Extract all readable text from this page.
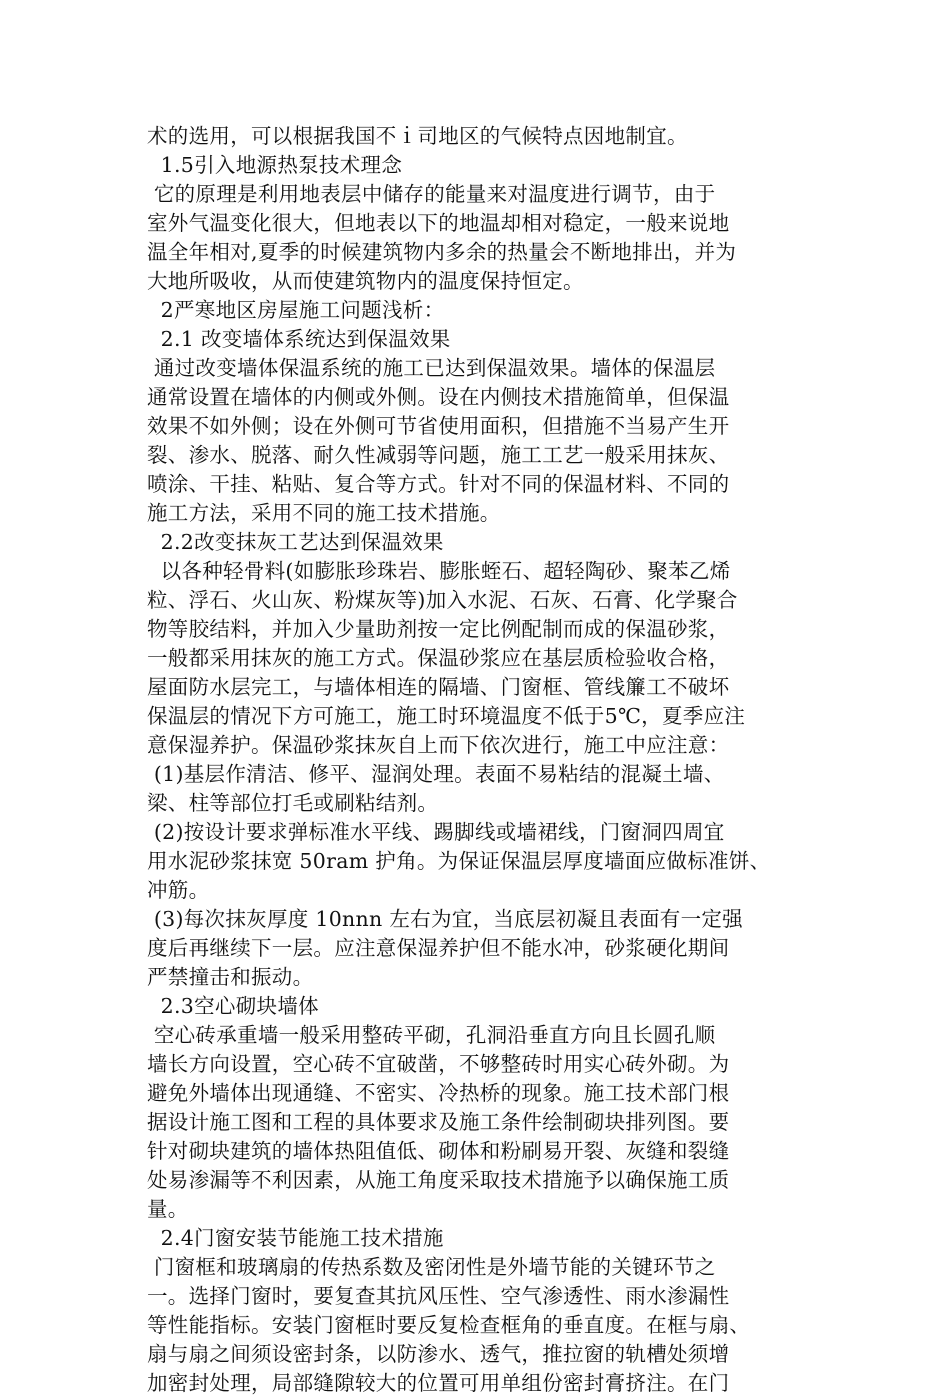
术的选用，可以根据我国不ｉ司地区的气候特点因地制宜。
1.5引入地源热泵技术理念
它的原理是利用地表层中储存的能量来对温度进行调节，由于
室外气温变化很大，但地表以下的地温却相对稳定，一般来说地
温全年相对,夏季的时候建筑物内多余的热量会不断地排出，并为
大地所吸收，从而使建筑物内的温度保持恒定。
2严寒地区房屋施工问题浅析：
2.1 改变墙体系统达到保温效果
通过改变墙体保温系统的施工已达到保温效果。墙体的保温层
通常设置在墙体的内侧或外侧。设在内侧技术措施简单，但保温
效果不如外侧；设在外侧可节省使用面积，但措施不当易产生开
裂、渗水、脱落、耐久性减弱等问题，施工工艺一般采用抹灰、
喷涂、干挂、粘贴、复合等方式。针对不同的保温材料、不同的
施工方法，采用不同的施工技术措施。
2.2改变抹灰工艺达到保温效果
以各种轻骨料(如膨胀珍珠岩、膨胀蛭石、超轻陶砂、聚苯乙烯
粒、浮石、火山灰、粉煤灰等)加入水泥、石灰、石膏、化学聚合
物等胶结料，并加入少量助剂按一定比例配制而成的保温砂浆，
一般都采用抹灰的施工方式。保温砂浆应在基层质检验收合格，
屋面防水层完工，与墙体相连的隔墙、门窗框、管线簾工不破坏
保温层的情况下方可施工，施工时环境温度不低于5℃，夏季应注
意保湿养护。保温砂浆抹灰自上而下依次进行，施工中应注意：
(1)基层作清洁、修平、湿润处理。表面不易粘结的混凝土墙、
梁、柱等部位打毛或刷粘结剂。
(2)按设计要求弹标准水平线、踢脚线或墙裙线，门窗洞四周宜
用水泥砂浆抹宽 50ram 护角。为保证保温层厚度墙面应做标准饼、
冲筋。
(3)每次抹灰厚度 10nnn 左右为宜，当底层初凝且表面有一定强
度后再继续下一层。应注意保湿养护但不能水冲，砂浆硬化期间
严禁撞击和振动。
2.3空心砌块墙体
空心砖承重墙一般采用整砖平砌，孔洞沿垂直方向且长圆孔顺
墙长方向设置，空心砖不宜破凿，不够整砖时用实心砖外砌。为
避免外墙体出现通缝、不密实、冷热桥的现象。施工技术部门根
据设计施工图和工程的具体要求及施工条件绘制砌块排列图。要
针对砌块建筑的墙体热阻值低、砌体和粉刷易开裂、灰缝和裂缝
处易渗漏等不利因素，从施工角度采取技术措施予以确保施工质
量。
2.4门窗安装节能施工技术措施
门窗框和玻璃扇的传热系数及密闭性是外墙节能的关键环节之
一。选择门窗时，要复查其抗风压性、空气渗透性、雨水渗漏性
等性能指标。安装门窗框时要反复检查框角的垂直度。在框与扇、
扇与扇之间须设密封条，以防渗水、透气，推拉窗的轨槽处须增
加密封处理，局部缝隙较大的位置可用单组份密封膏挤注。在门
